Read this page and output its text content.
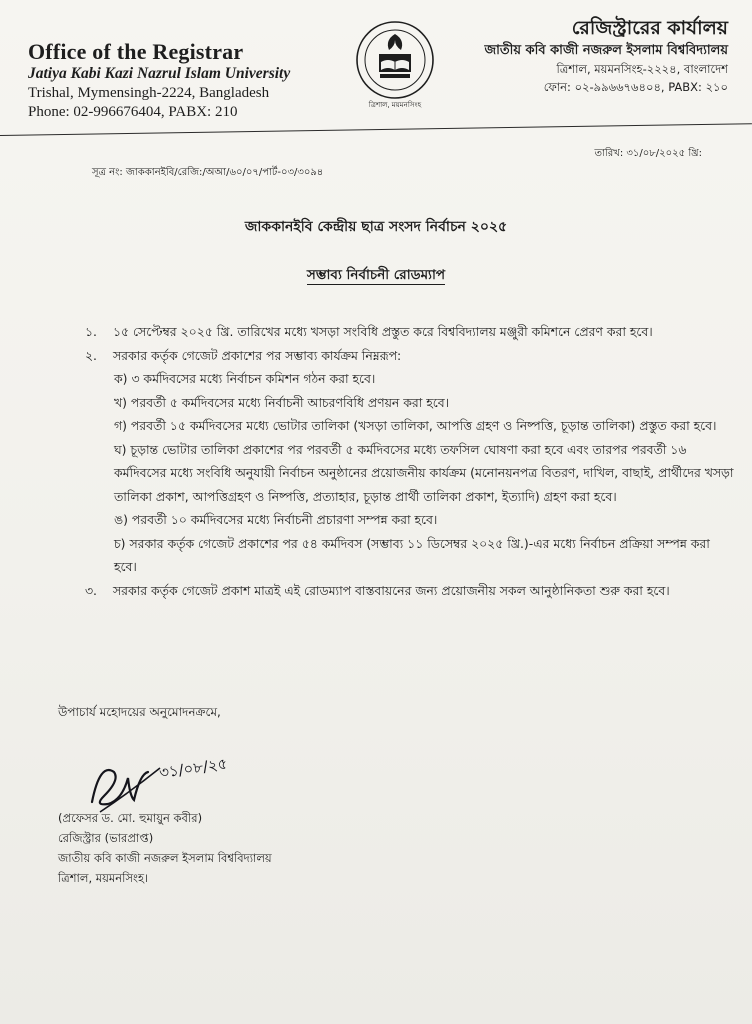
Office of the Registrar
Jatiya Kabi Kazi Nazrul Islam University
Trishal, Mymensingh-2224, Bangladesh
Phone: 02-996676404, PABX: 210	ত্রিশাল, ময়মনসিংহ
রেজিস্ট্রারের কার্যালয়
জাতীয় কবি কাজী নজরুল ইসলাম বিশ্ববিদ্যালয়
ত্রিশাল, ময়মনসিংহ-২২২৪, বাংলাদেশ
ফোন: ০২-৯৯৬৬৭৬৪০৪, PABX: ২১০
তারিখ: ৩১/০৮/২০২৫ খ্রি:
সূত্র নং: জাককানইবি/রেজি:/অআ/৬০/০৭/পার্ট-০৩/৩০৯৪
জাককানইবি কেন্দ্রীয় ছাত্র সংসদ নির্বাচন ২০২৫
সম্ভাব্য নির্বাচনী রোডম্যাপ
১.	১৫ সেপ্টেম্বর ২০২৫ খ্রি. তারিখের মধ্যে খসড়া সংবিধি প্রস্তুত করে বিশ্ববিদ্যালয় মঞ্জুরী কমিশনে প্রেরণ করা হবে।
২.	সরকার কর্তৃক গেজেট প্রকাশের পর সম্ভাব্য কার্যক্রম নিম্নরূপ:
ক) ৩ কর্মদিবসের মধ্যে নির্বাচন কমিশন গঠন করা হবে।
খ) পরবর্তী ৫ কর্মদিবসের মধ্যে নির্বাচনী আচরণবিধি প্রণয়ন করা হবে।
গ) পরবর্তী ১৫ কর্মদিবসের মধ্যে ভোটার তালিকা (খসড়া তালিকা, আপত্তি গ্রহণ ও নিষ্পত্তি, চূড়ান্ত তালিকা) প্রস্তুত করা হবে।
ঘ) চূড়ান্ত ভোটার তালিকা প্রকাশের পর পরবর্তী ৫ কর্মদিবসের মধ্যে তফসিল ঘোষণা করা হবে এবং তারপর পরবর্তী ১৬ কর্মদিবসের মধ্যে সংবিধি অনুযায়ী নির্বাচন অনুষ্ঠানের প্রয়োজনীয় কার্যক্রম (মনোনয়নপত্র বিতরণ, দাখিল, বাছাই, প্রার্থীদের খসড়া তালিকা প্রকাশ, আপত্তিগ্রহণ ও নিষ্পত্তি, প্রত্যাহার, চূড়ান্ত প্রার্থী তালিকা প্রকাশ, ইত্যাদি) গ্রহণ করা হবে।
ঙ) পরবর্তী ১০ কর্মদিবসের মধ্যে নির্বাচনী প্রচারণা সম্পন্ন করা হবে।
চ) সরকার কর্তৃক গেজেট প্রকাশের পর ৫৪ কর্মদিবস (সম্ভাব্য ১১ ডিসেম্বর ২০২৫ খ্রি.)-এর মধ্যে নির্বাচন প্রক্রিয়া সম্পন্ন করা হবে।
৩.	সরকার কর্তৃক গেজেট প্রকাশ মাত্রই এই রোডম্যাপ বাস্তবায়নের জন্য প্রয়োজনীয় সকল আনুষ্ঠানিকতা শুরু করা হবে।
উপাচার্য মহোদয়ের অনুমোদনক্রমে,
৩১/০৮/২৫
(প্রফেসর ড. মো. হুমায়ুন কবীর)
রেজিস্ট্রার (ভারপ্রাপ্ত)
জাতীয় কবি কাজী নজরুল ইসলাম বিশ্ববিদ্যালয়
ত্রিশাল, ময়মনসিংহ।
